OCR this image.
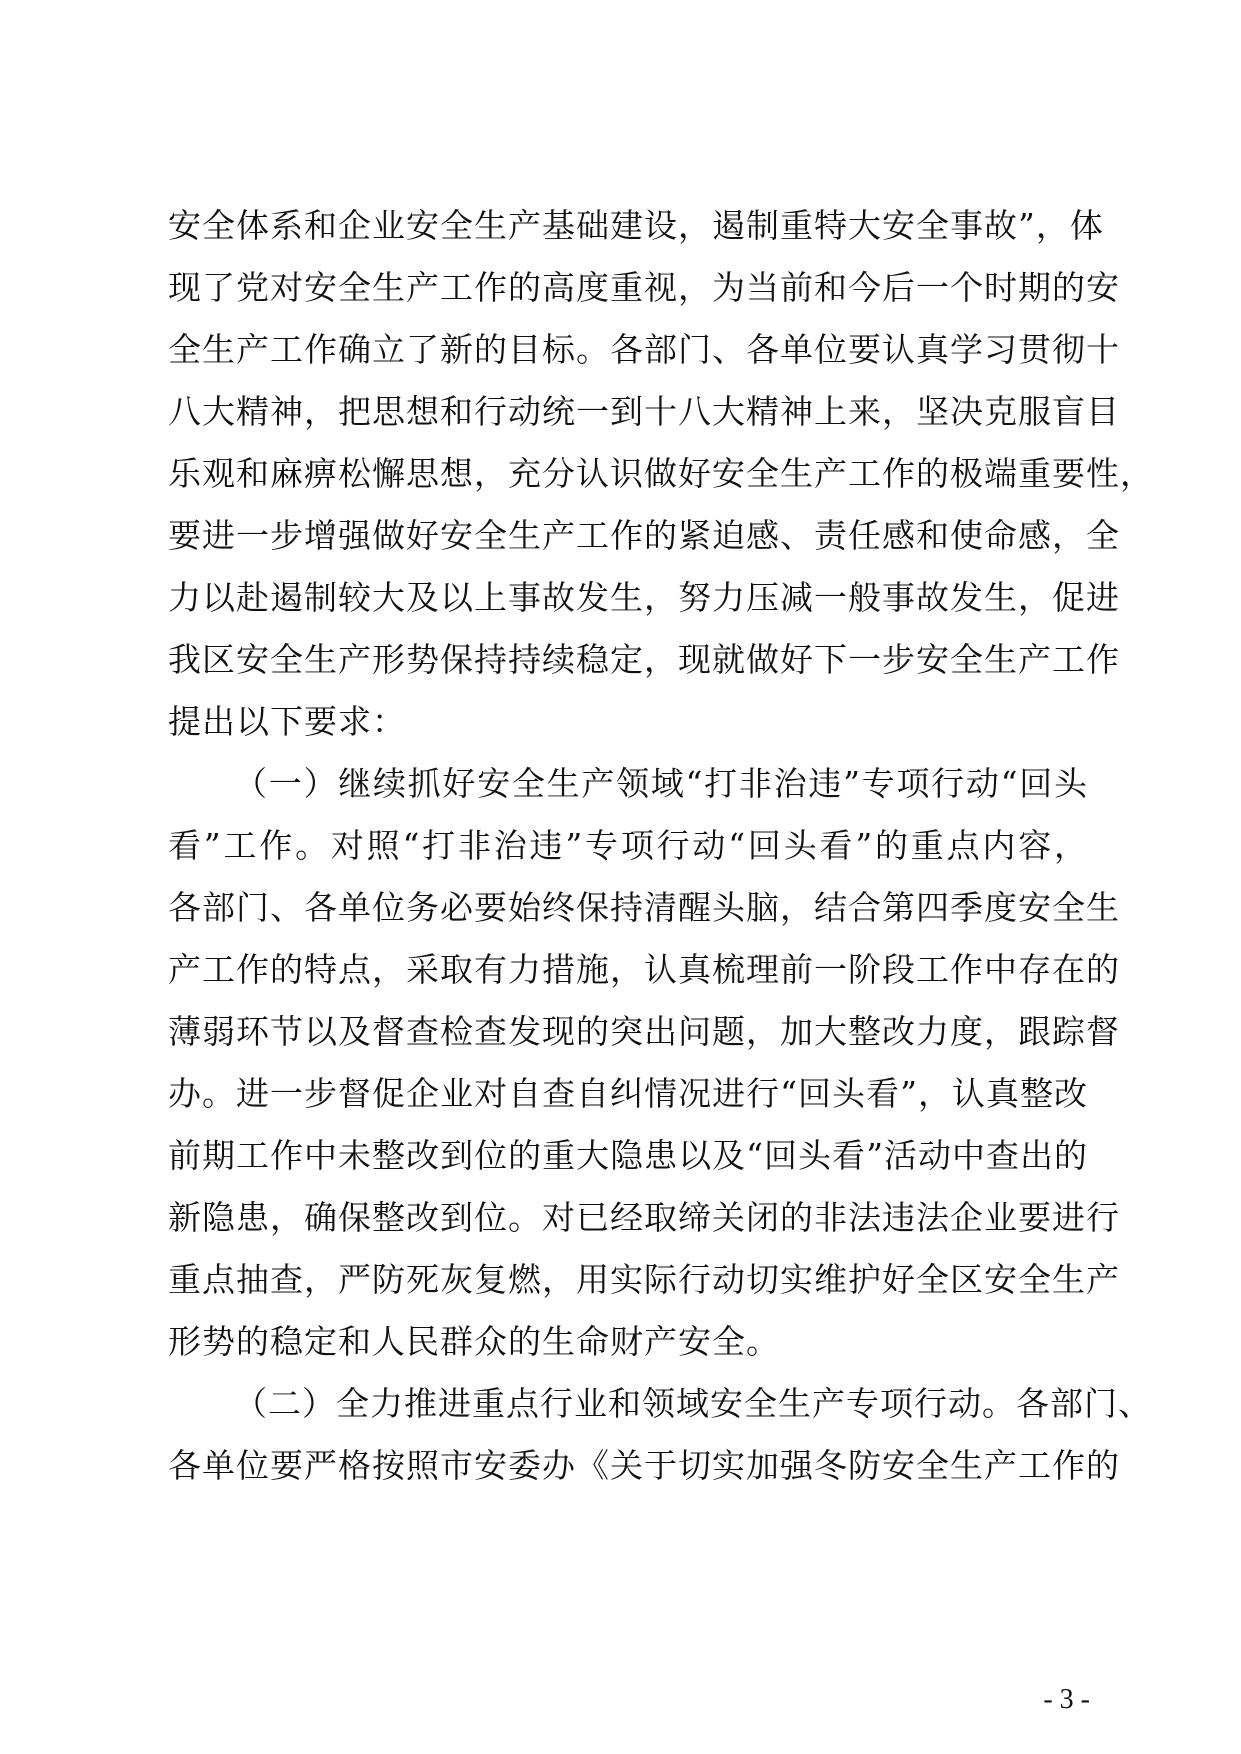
安全体系和企业安全生产基础建设，遏制重特大安全事故”，体
现了党对安全生产工作的高度重视，为当前和今后一个时期的安
全生产工作确立了新的目标。各部门、各单位要认真学习贯彻十
八大精神，把思想和行动统一到十八大精神上来，坚决克服盲目
乐观和麻痹松懈思想，充分认识做好安全生产工作的极端重要性，
要进一步增强做好安全生产工作的紧迫感、责任感和使命感，全
力以赴遏制较大及以上事故发生，努力压减一般事故发生，促进
我区安全生产形势保持持续稳定，现就做好下一步安全生产工作
提出以下要求：
（一）继续抓好安全生产领域“打非治违”专项行动“回头
看”工作。对照“打非治违”专项行动“回头看”的重点内容，
各部门、各单位务必要始终保持清醒头脑，结合第四季度安全生
产工作的特点，采取有力措施，认真梳理前一阶段工作中存在的
薄弱环节以及督查检查发现的突出问题，加大整改力度，跟踪督
办。进一步督促企业对自查自纠情况进行“回头看”，认真整改
前期工作中未整改到位的重大隐患以及“回头看”活动中查出的
新隐患，确保整改到位。对已经取缔关闭的非法违法企业要进行
重点抽查，严防死灰复燃，用实际行动切实维护好全区安全生产
形势的稳定和人民群众的生命财产安全。
（二）全力推进重点行业和领域安全生产专项行动。各部门、
各单位要严格按照市安委办《关于切实加强冬防安全生产工作的
- 3 -
